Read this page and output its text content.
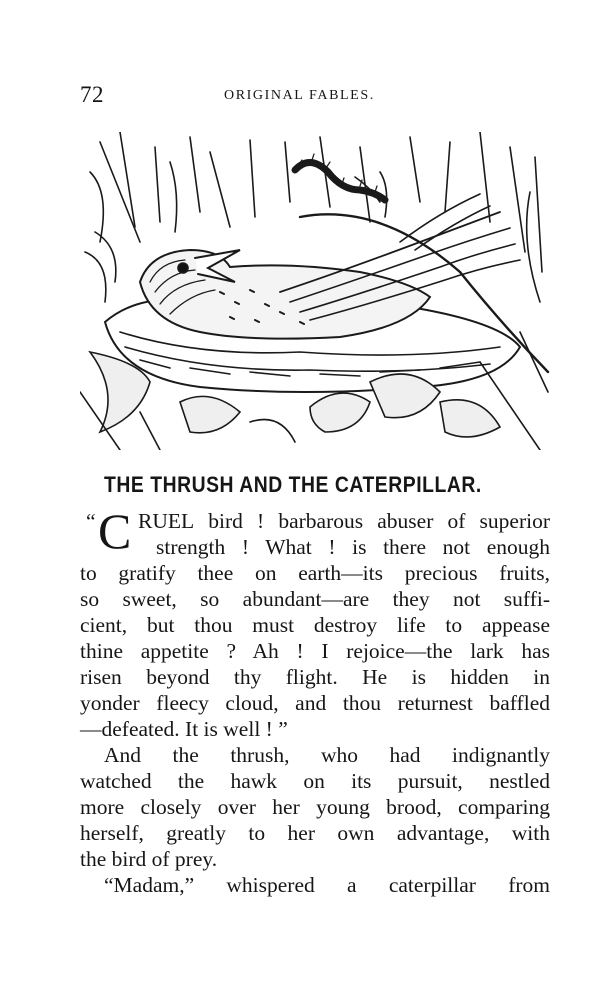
72	ORIGINAL FABLES.
THE THRUSH AND THE CATERPILLAR.
“ C RUEL bird ! barbarous abuser of superior
strength ! What ! is there not enough
to gratify thee on earth—its precious fruits,
so sweet, so abundant—are they not suffi-
cient, but thou must destroy life to appease
thine appetite ? Ah ! I rejoice—the lark has
risen beyond thy flight. He is hidden in
yonder fleecy cloud, and thou returnest baffled
—defeated. It is well ! ”
And the thrush, who had indignantly
watched the hawk on its pursuit, nestled
more closely over her young brood, comparing
herself, greatly to her own advantage, with
the bird of prey.
“Madam,” whispered a caterpillar from
